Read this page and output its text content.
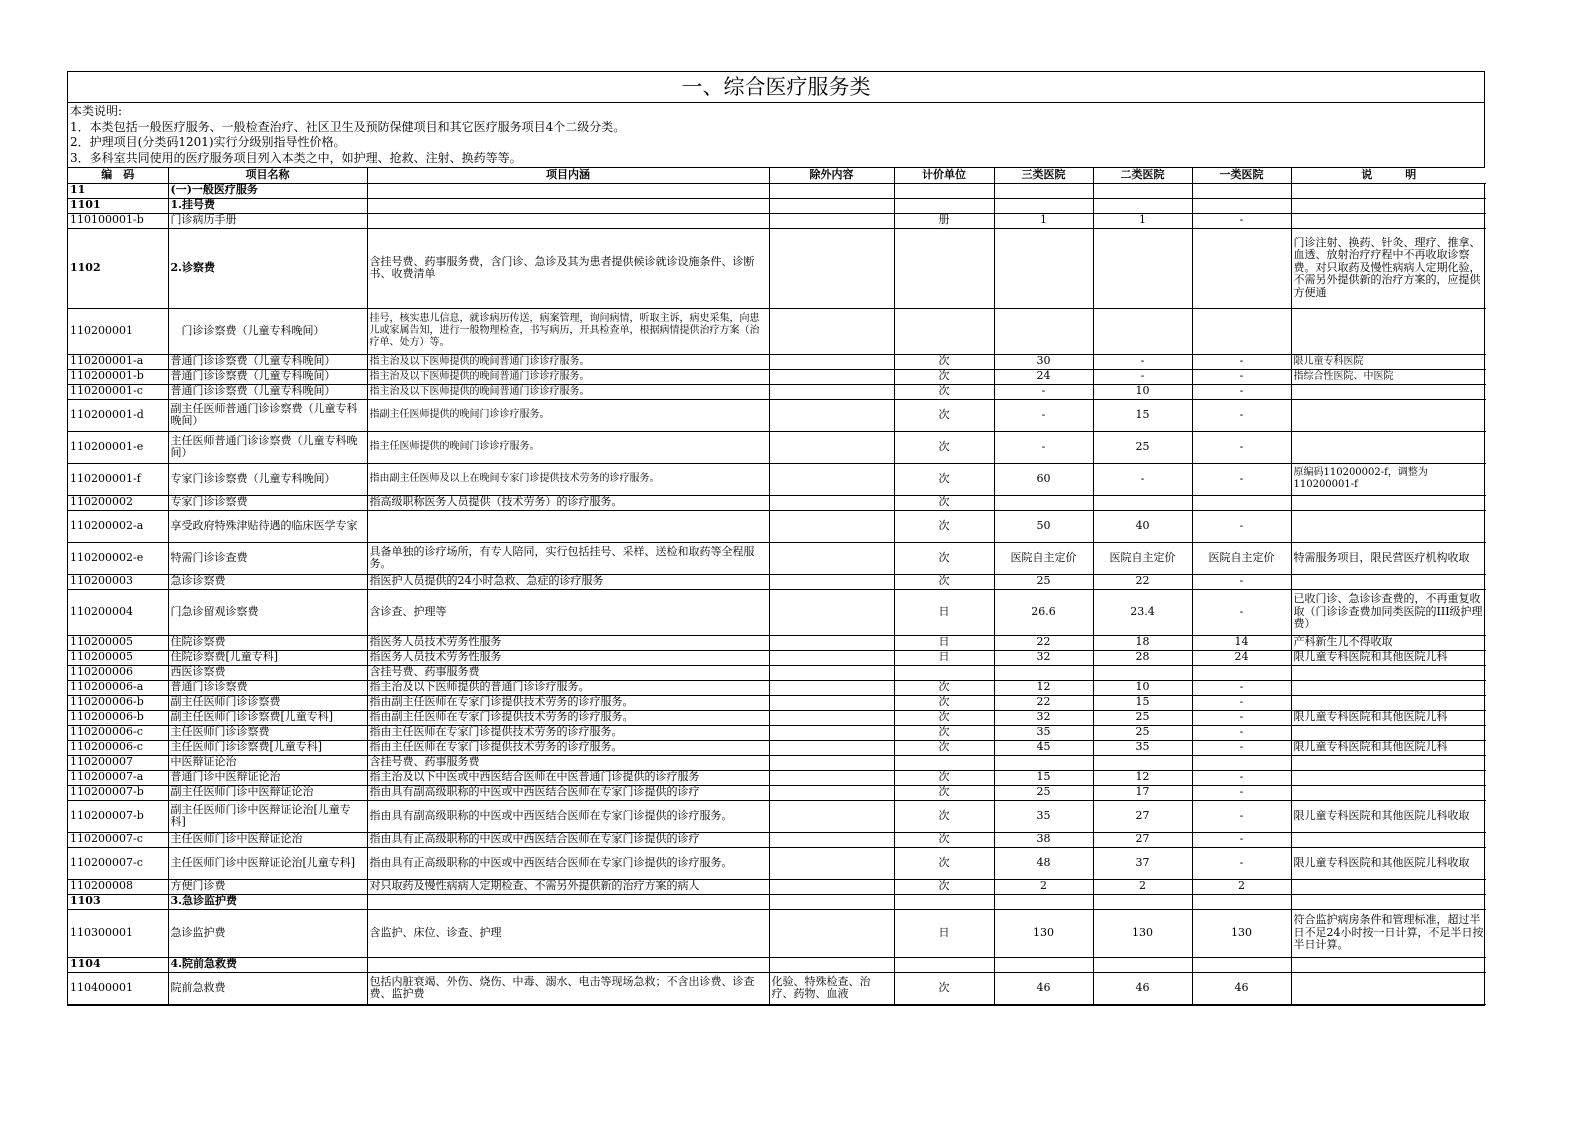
一、综合医疗服务类
本类说明:
1．本类包括一般医疗服务、一般检查治疗、社区卫生及预防保健项目和其它医疗服务项目4个二级分类。
2．护理项目(分类码1201)实行分级别指导性价格。
3．多科室共同使用的医疗服务项目列入本类之中，如护理、抢救、注射、换药等等。
编　码	项目名称	项目内涵	除外内容	计价单位	三类医院	二类医院	一类医院	说　　　明
11	(一)一般医疗服务							
1101	1.挂号费							
110100001-b	门诊病历手册			册	1	1	-	
1102	2.诊察费	含挂号费、药事服务费，含门诊、急诊及其为患者提供候诊就诊设施条件、诊断书、收费清单						门诊注射、换药、针灸、理疗、推拿、血透、放射治疗疗程中不再收取诊察费。对只取药及慢性病病人定期化验，不需另外提供新的治疗方案的，应提供方便通
110200001	　门诊诊察费（儿童专科晚间）	挂号，核实患儿信息，就诊病历传送，病案管理，询问病情，听取主诉，病史采集，向患儿或家属告知，进行一般物理检查，书写病历，开具检查单，根据病情提供治疗方案（治疗单、处方）等。						
110200001-a	普通门诊诊察费（儿童专科晚间）	指主治及以下医师提供的晚间普通门诊诊疗服务。		次	30	-	-	限儿童专科医院
110200001-b	普通门诊诊察费（儿童专科晚间）	指主治及以下医师提供的晚间普通门诊诊疗服务。		次	24	-	-	指综合性医院、中医院
110200001-c	普通门诊诊察费（儿童专科晚间）	指主治及以下医师提供的晚间普通门诊诊疗服务。		次	-	10	-	
110200001-d	副主任医师普通门诊诊察费（儿童专科晚间）	指副主任医师提供的晚间门诊诊疗服务。		次	-	15	-	
110200001-e	主任医师普通门诊诊察费（儿童专科晚间）	指主任医师提供的晚间门诊诊疗服务。		次	-	25	-	
110200001-f	专家门诊诊察费（儿童专科晚间）	指由副主任医师及以上在晚间专家门诊提供技术劳务的诊疗服务。		次	60	-	-	原编码110200002-f，调整为110200001-f
110200002	专家门诊诊察费	指高级职称医务人员提供（技术劳务）的诊疗服务。		次				
110200002-a	享受政府特殊津贴待遇的临床医学专家			次	50	40	-	
110200002-e	特需门诊诊查费	具备单独的诊疗场所，有专人陪同，实行包括挂号、采样、送检和取药等全程服务。		次	医院自主定价	医院自主定价	医院自主定价	特需服务项目，限民营医疗机构收取
110200003	急诊诊察费	指医护人员提供的24小时急救、急症的诊疗服务		次	25	22	-	
110200004	门急诊留观诊察费	含诊查、护理等		日	26.6	23.4	-	已收门诊、急诊诊查费的，不再重复收取（门诊诊查费加同类医院的III级护理费）
110200005	住院诊察费	指医务人员技术劳务性服务		日	22	18	14	产科新生儿不得收取
110200005	住院诊察费[儿童专科]	指医务人员技术劳务性服务		日	32	28	24	限儿童专科医院和其他医院儿科
110200006	西医诊察费	含挂号费、药事服务费						
110200006-a	普通门诊诊察费	指主治及以下医师提供的普通门诊诊疗服务。		次	12	10	-	
110200006-b	副主任医师门诊诊察费	指由副主任医师在专家门诊提供技术劳务的诊疗服务。		次	22	15	-	
110200006-b	副主任医师门诊诊察费[儿童专科]	指由副主任医师在专家门诊提供技术劳务的诊疗服务。		次	32	25	-	限儿童专科医院和其他医院儿科
110200006-c	主任医师门诊诊察费	指由主任医师在专家门诊提供技术劳务的诊疗服务。		次	35	25	-	
110200006-c	主任医师门诊诊察费[儿童专科]	指由主任医师在专家门诊提供技术劳务的诊疗服务。		次	45	35	-	限儿童专科医院和其他医院儿科
110200007	中医辩证论治	含挂号费、药事服务费						
110200007-a	普通门诊中医辩证论治	指主治及以下中医或中西医结合医师在中医普通门诊提供的诊疗服务		次	15	12	-	
110200007-b	副主任医师门诊中医辩证论治	指由具有副高级职称的中医或中西医结合医师在专家门诊提供的诊疗		次	25	17	-	
110200007-b	副主任医师门诊中医辩证论治[儿童专科]	指由具有副高级职称的中医或中西医结合医师在专家门诊提供的诊疗服务。		次	35	27	-	限儿童专科医院和其他医院儿科收取
110200007-c	主任医师门诊中医辩证论治	指由具有正高级职称的中医或中西医结合医师在专家门诊提供的诊疗		次	38	27	-	
110200007-c	主任医师门诊中医辩证论治[儿童专科]	指由具有正高级职称的中医或中西医结合医师在专家门诊提供的诊疗服务。		次	48	37	-	限儿童专科医院和其他医院儿科收取
110200008	方便门诊费	对只取药及慢性病病人定期检查、不需另外提供新的治疗方案的病人		次	2	2	2	
1103	3.急诊监护费							
110300001	急诊监护费	含监护、床位、诊查、护理		日	130	130	130	符合监护病房条件和管理标准，超过半日不足24小时按一日计算，不足半日按半日计算。
1104	4.院前急救费							
110400001	院前急救费	包括内脏衰竭、外伤、烧伤、中毒、溺水、电击等现场急救；不含出诊费、诊查费、监护费	化验、特殊检查、治疗、药物、血液	次	46	46	46	
